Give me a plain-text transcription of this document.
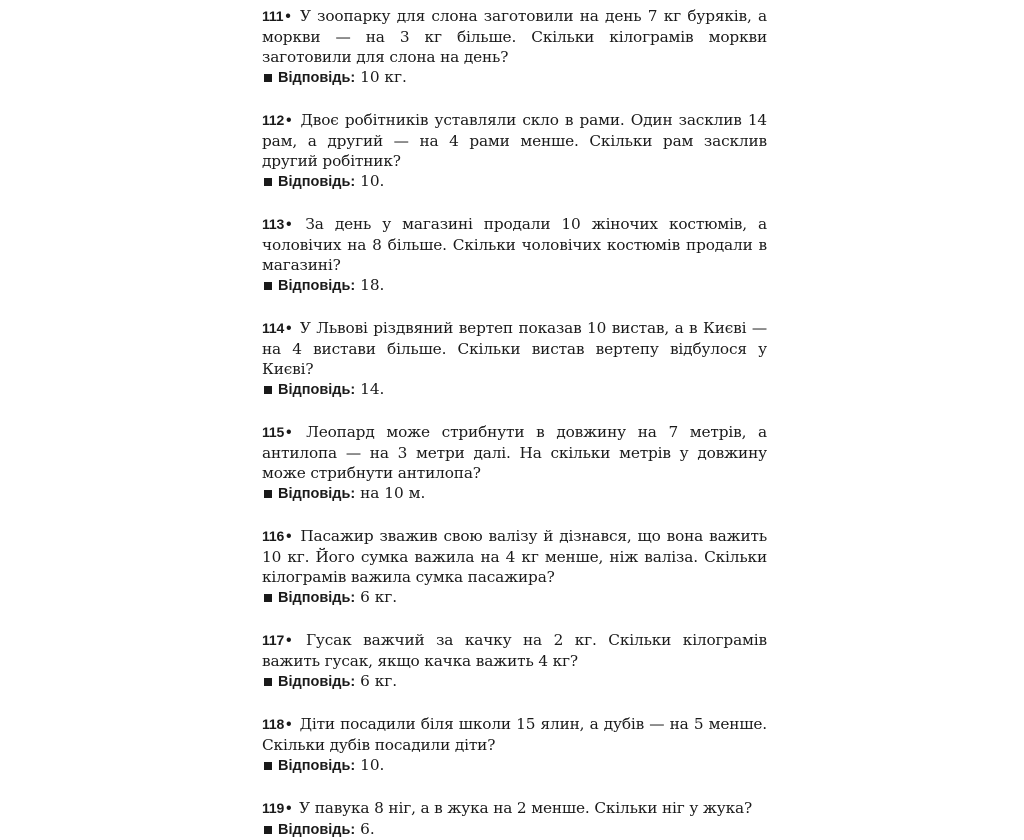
111 • У зоопарку для слона заготовили на день 7 кг буряків, а моркви — на 3 кг більше. Скільки кілограмів моркви заготовили для слона на день?

Відповідь: 10 кг.

112 • Двоє робітників уставляли скло в рами. Один засклив 14 рам, а другий — на 4 рами менше. Скільки рам засклив другий робітник?

Відповідь: 10.

113 • За день у магазині продали 10 жіночих костюмів, а чоловічих на 8 більше. Скільки чоловічих костюмів продали в магазині?

Відповідь: 18.

114 • У Львові різдвяний вертеп показав 10 вистав, а в Києві — на 4 вистави більше. Скільки вистав вертепу відбулося у Києві?

Відповідь: 14.

115 • Леопард може стрибнути в довжину на 7 метрів, а антилопа — на 3 метри далі. На скільки метрів у довжину може стрибнути антилопа?

Відповідь: на 10 м.

116 • Пасажир зважив свою валізу й дізнався, що вона важить 10 кг. Його сумка важила на 4 кг менше, ніж валіза. Скільки кілограмів важила сумка пасажира?

Відповідь: 6 кг.

117 • Гусак важчий за качку на 2 кг. Скільки кілограмів важить гусак, якщо качка важить 4 кг?

Відповідь: 6 кг.

118 • Діти посадили біля школи 15 ялин, а дубів — на 5 менше. Скільки дубів посадили діти?

Відповідь: 10.

119 • У павука 8 ніг, а в жука на 2 менше. Скільки ніг у жука?

Відповідь: 6.
